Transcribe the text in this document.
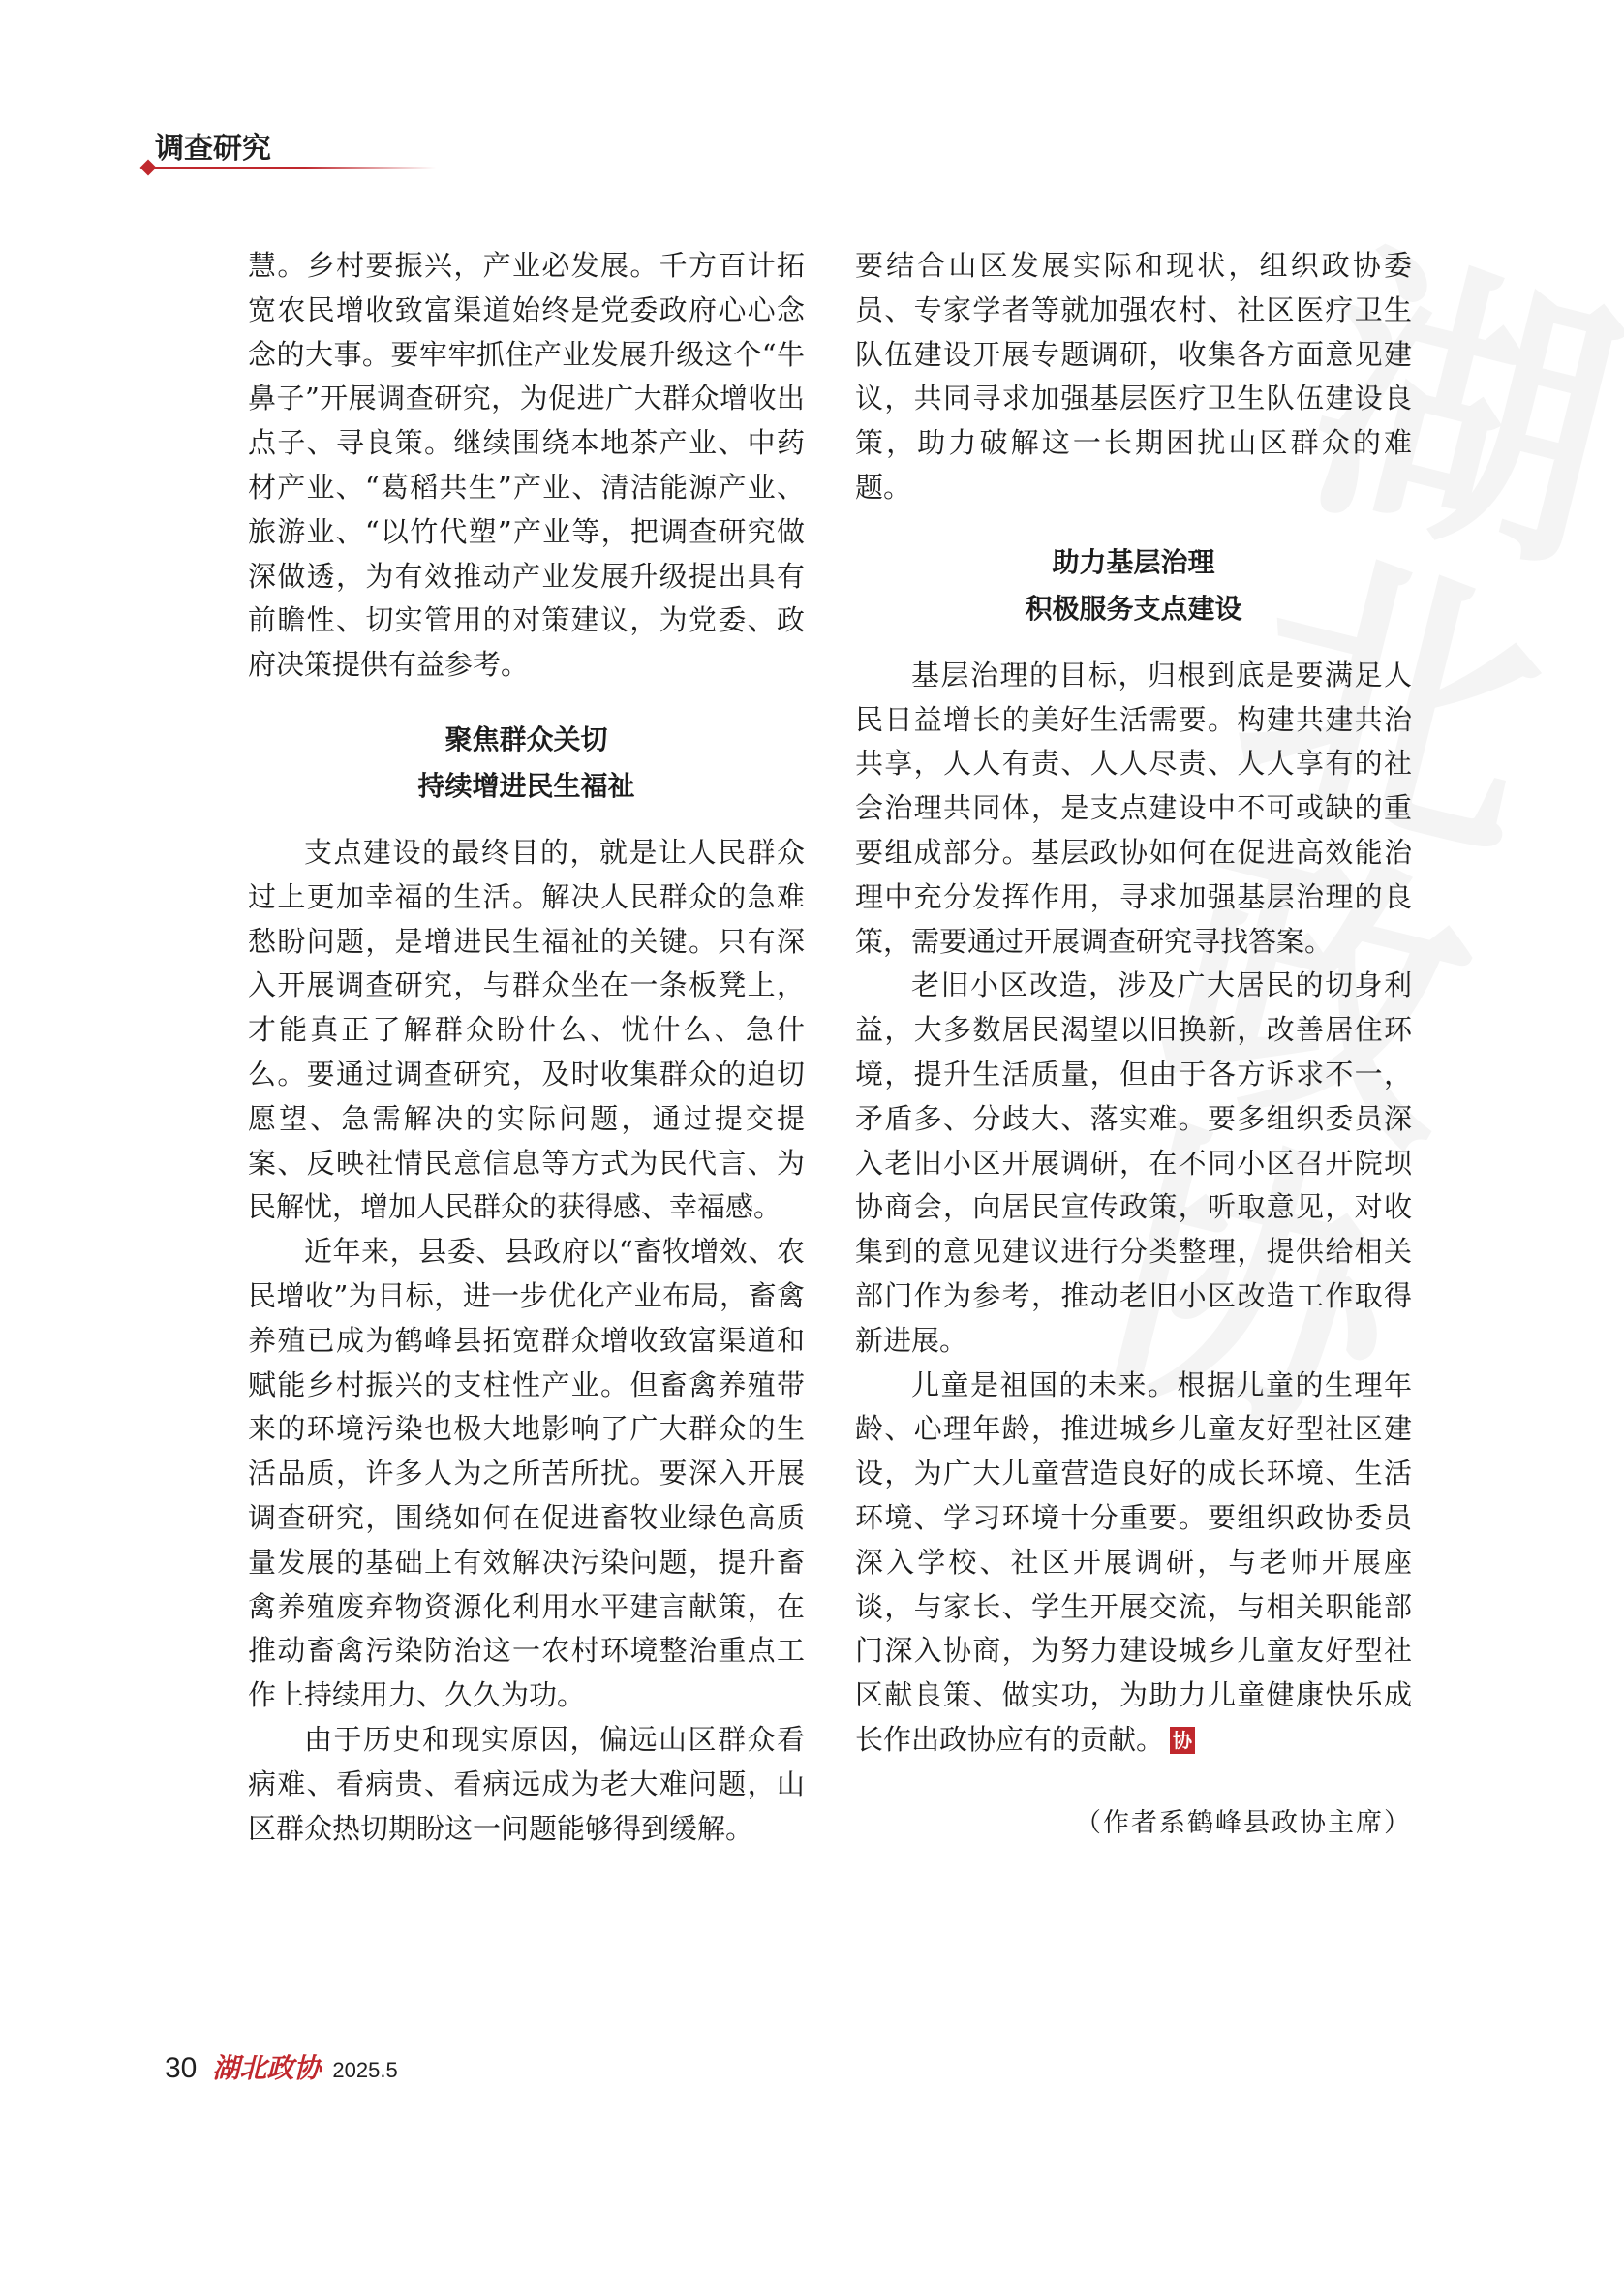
调查研究

慧。乡村要振兴，产业必发展。千方百计拓宽农民增收致富渠道始终是党委政府心心念念的大事。要牢牢抓住产业发展升级这个“牛鼻子”开展调查研究，为促进广大群众增收出点子、寻良策。继续围绕本地茶产业、中药材产业、“葛稻共生”产业、清洁能源产业、旅游业、“以竹代塑”产业等，把调查研究做深做透，为有效推动产业发展升级提出具有前瞻性、切实管用的对策建议，为党委、政府决策提供有益参考。

聚焦群众关切
持续增进民生福祉

支点建设的最终目的，就是让人民群众过上更加幸福的生活。解决人民群众的急难愁盼问题，是增进民生福祉的关键。只有深入开展调查研究，与群众坐在一条板凳上，才能真正了解群众盼什么、忧什么、急什么。要通过调查研究，及时收集群众的迫切愿望、急需解决的实际问题，通过提交提案、反映社情民意信息等方式为民代言、为民解忧，增加人民群众的获得感、幸福感。

近年来，县委、县政府以“畜牧增效、农民增收”为目标，进一步优化产业布局，畜禽养殖已成为鹤峰县拓宽群众增收致富渠道和赋能乡村振兴的支柱性产业。但畜禽养殖带来的环境污染也极大地影响了广大群众的生活品质，许多人为之所苦所扰。要深入开展调查研究，围绕如何在促进畜牧业绿色高质量发展的基础上有效解决污染问题，提升畜禽养殖废弃物资源化利用水平建言献策，在推动畜禽污染防治这一农村环境整治重点工作上持续用力、久久为功。

由于历史和现实原因，偏远山区群众看病难、看病贵、看病远成为老大难问题，山区群众热切期盼这一问题能够得到缓解。

要结合山区发展实际和现状，组织政协委员、专家学者等就加强农村、社区医疗卫生队伍建设开展专题调研，收集各方面意见建议，共同寻求加强基层医疗卫生队伍建设良策，助力破解这一长期困扰山区群众的难题。

助力基层治理
积极服务支点建设

基层治理的目标，归根到底是要满足人民日益增长的美好生活需要。构建共建共治共享，人人有责、人人尽责、人人享有的社会治理共同体，是支点建设中不可或缺的重要组成部分。基层政协如何在促进高效能治理中充分发挥作用，寻求加强基层治理的良策，需要通过开展调查研究寻找答案。

老旧小区改造，涉及广大居民的切身利益，大多数居民渴望以旧换新，改善居住环境，提升生活质量，但由于各方诉求不一，矛盾多、分歧大、落实难。要多组织委员深入老旧小区开展调研，在不同小区召开院坝协商会，向居民宣传政策，听取意见，对收集到的意见建议进行分类整理，提供给相关部门作为参考，推动老旧小区改造工作取得新进展。

儿童是祖国的未来。根据儿童的生理年龄、心理年龄，推进城乡儿童友好型社区建设，为广大儿童营造良好的成长环境、生活环境、学习环境十分重要。要组织政协委员深入学校、社区开展调研，与老师开展座谈，与家长、学生开展交流，与相关职能部门深入协商，为努力建设城乡儿童友好型社区献良策、做实功，为助力儿童健康快乐成长作出政协应有的贡献。 协

（作者系鹤峰县政协主席）
30 湖北政协 2025.5
